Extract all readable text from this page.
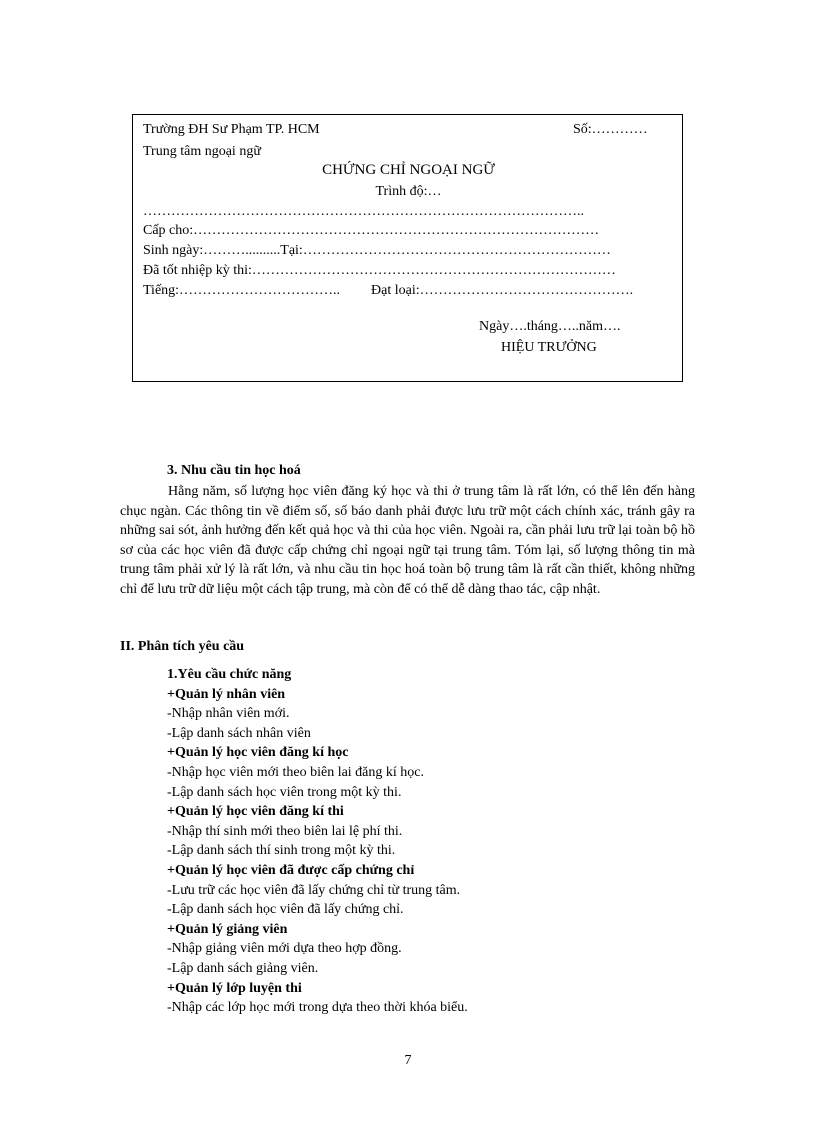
Trường ĐH Sư Phạm TP. HCM	Số:…………
Trung tâm ngoại ngữ
CHỨNG CHỈ NGOẠI NGỮ
Trình độ:…
…………………………………………………………………………………..
Cấp cho:……………………………………………………………………………
Sinh ngày:………..........Tại:…………………………………………………………
Đã tốt nhiệp kỳ thi:……………………………………………………………………
Tiếng:…………………………….. Đạt loại:……………………………………….
Ngày….tháng…..năm….
HIỆU TRƯỞNG
3. Nhu cầu tin học hoá
Hằng năm, số lượng học viên đăng ký học và thi ở trung tâm là rất lớn, có thể lên đến hàng chục ngàn. Các thông tin về điểm số, số báo danh phải được lưu trữ một cách chính xác, tránh gây ra những sai sót, ảnh hưởng đến kết quả học và thi của học viên. Ngoài ra, cần phải lưu trữ lại toàn bộ hồ sơ của các học viên đã được cấp chứng chỉ ngoại ngữ tại trung tâm. Tóm lại, số lượng thông tin mà trung tâm phải xử lý là rất lớn, và nhu cầu tin học hoá toàn bộ trung tâm là rất cần thiết, không những chỉ để lưu trữ dữ liệu một cách tập trung, mà còn để có thể dễ dàng thao tác, cập nhật.
II. Phân tích yêu cầu
1.Yêu cầu chức năng
+Quản lý nhân viên
-Nhập nhân viên mới.
-Lập danh sách nhân viên
+Quản lý học viên đăng kí học
-Nhập học viên mới theo biên lai đăng kí học.
-Lập danh sách học viên trong một kỳ thi.
+Quản lý học viên đăng kí thi
-Nhập thí sinh mới theo biên lai lệ phí thi.
-Lập danh sách thí sinh trong một kỳ thi.
+Quản lý học viên đã được cấp chứng chỉ
-Lưu trữ các học viên đã lấy chứng chỉ từ trung tâm.
-Lập danh sách học viên đã lấy chứng chỉ.
+Quản lý giảng viên
-Nhập giảng viên mới dựa theo hợp đồng.
-Lập danh sách giảng viên.
+Quản lý lớp luyện thi
-Nhập các lớp học mới trong dựa theo thời khóa biểu.
7
